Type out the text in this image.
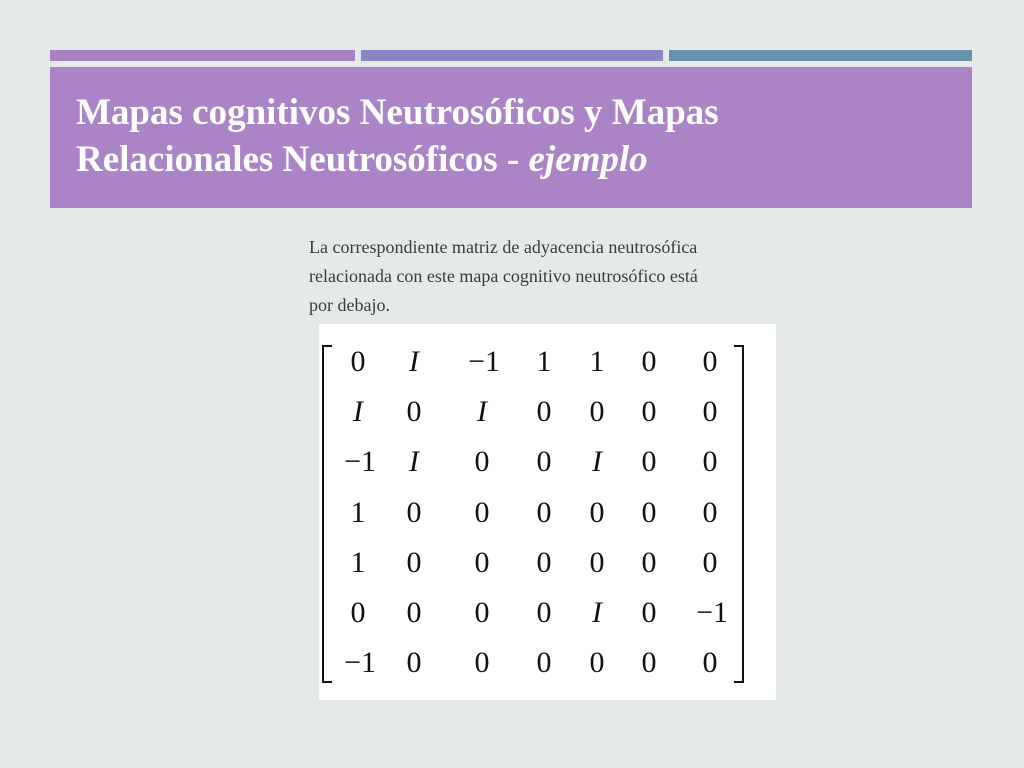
Mapas cognitivos Neutrosóficos y Mapas
Relacionales Neutrosóficos - ejemplo

La correspondiente matriz de adyacencia neutrosófica
relacionada con este mapa cognitivo neutrosófico está
por debajo.

0	I	−1	1	1	0	0
I	0	I	0	0	0	0
−1	I	0	0	I	0	0
1	0	0	0	0	0	0
1	0	0	0	0	0	0
0	0	0	0	I	0	−1
−1	0	0	0	0	0	0
